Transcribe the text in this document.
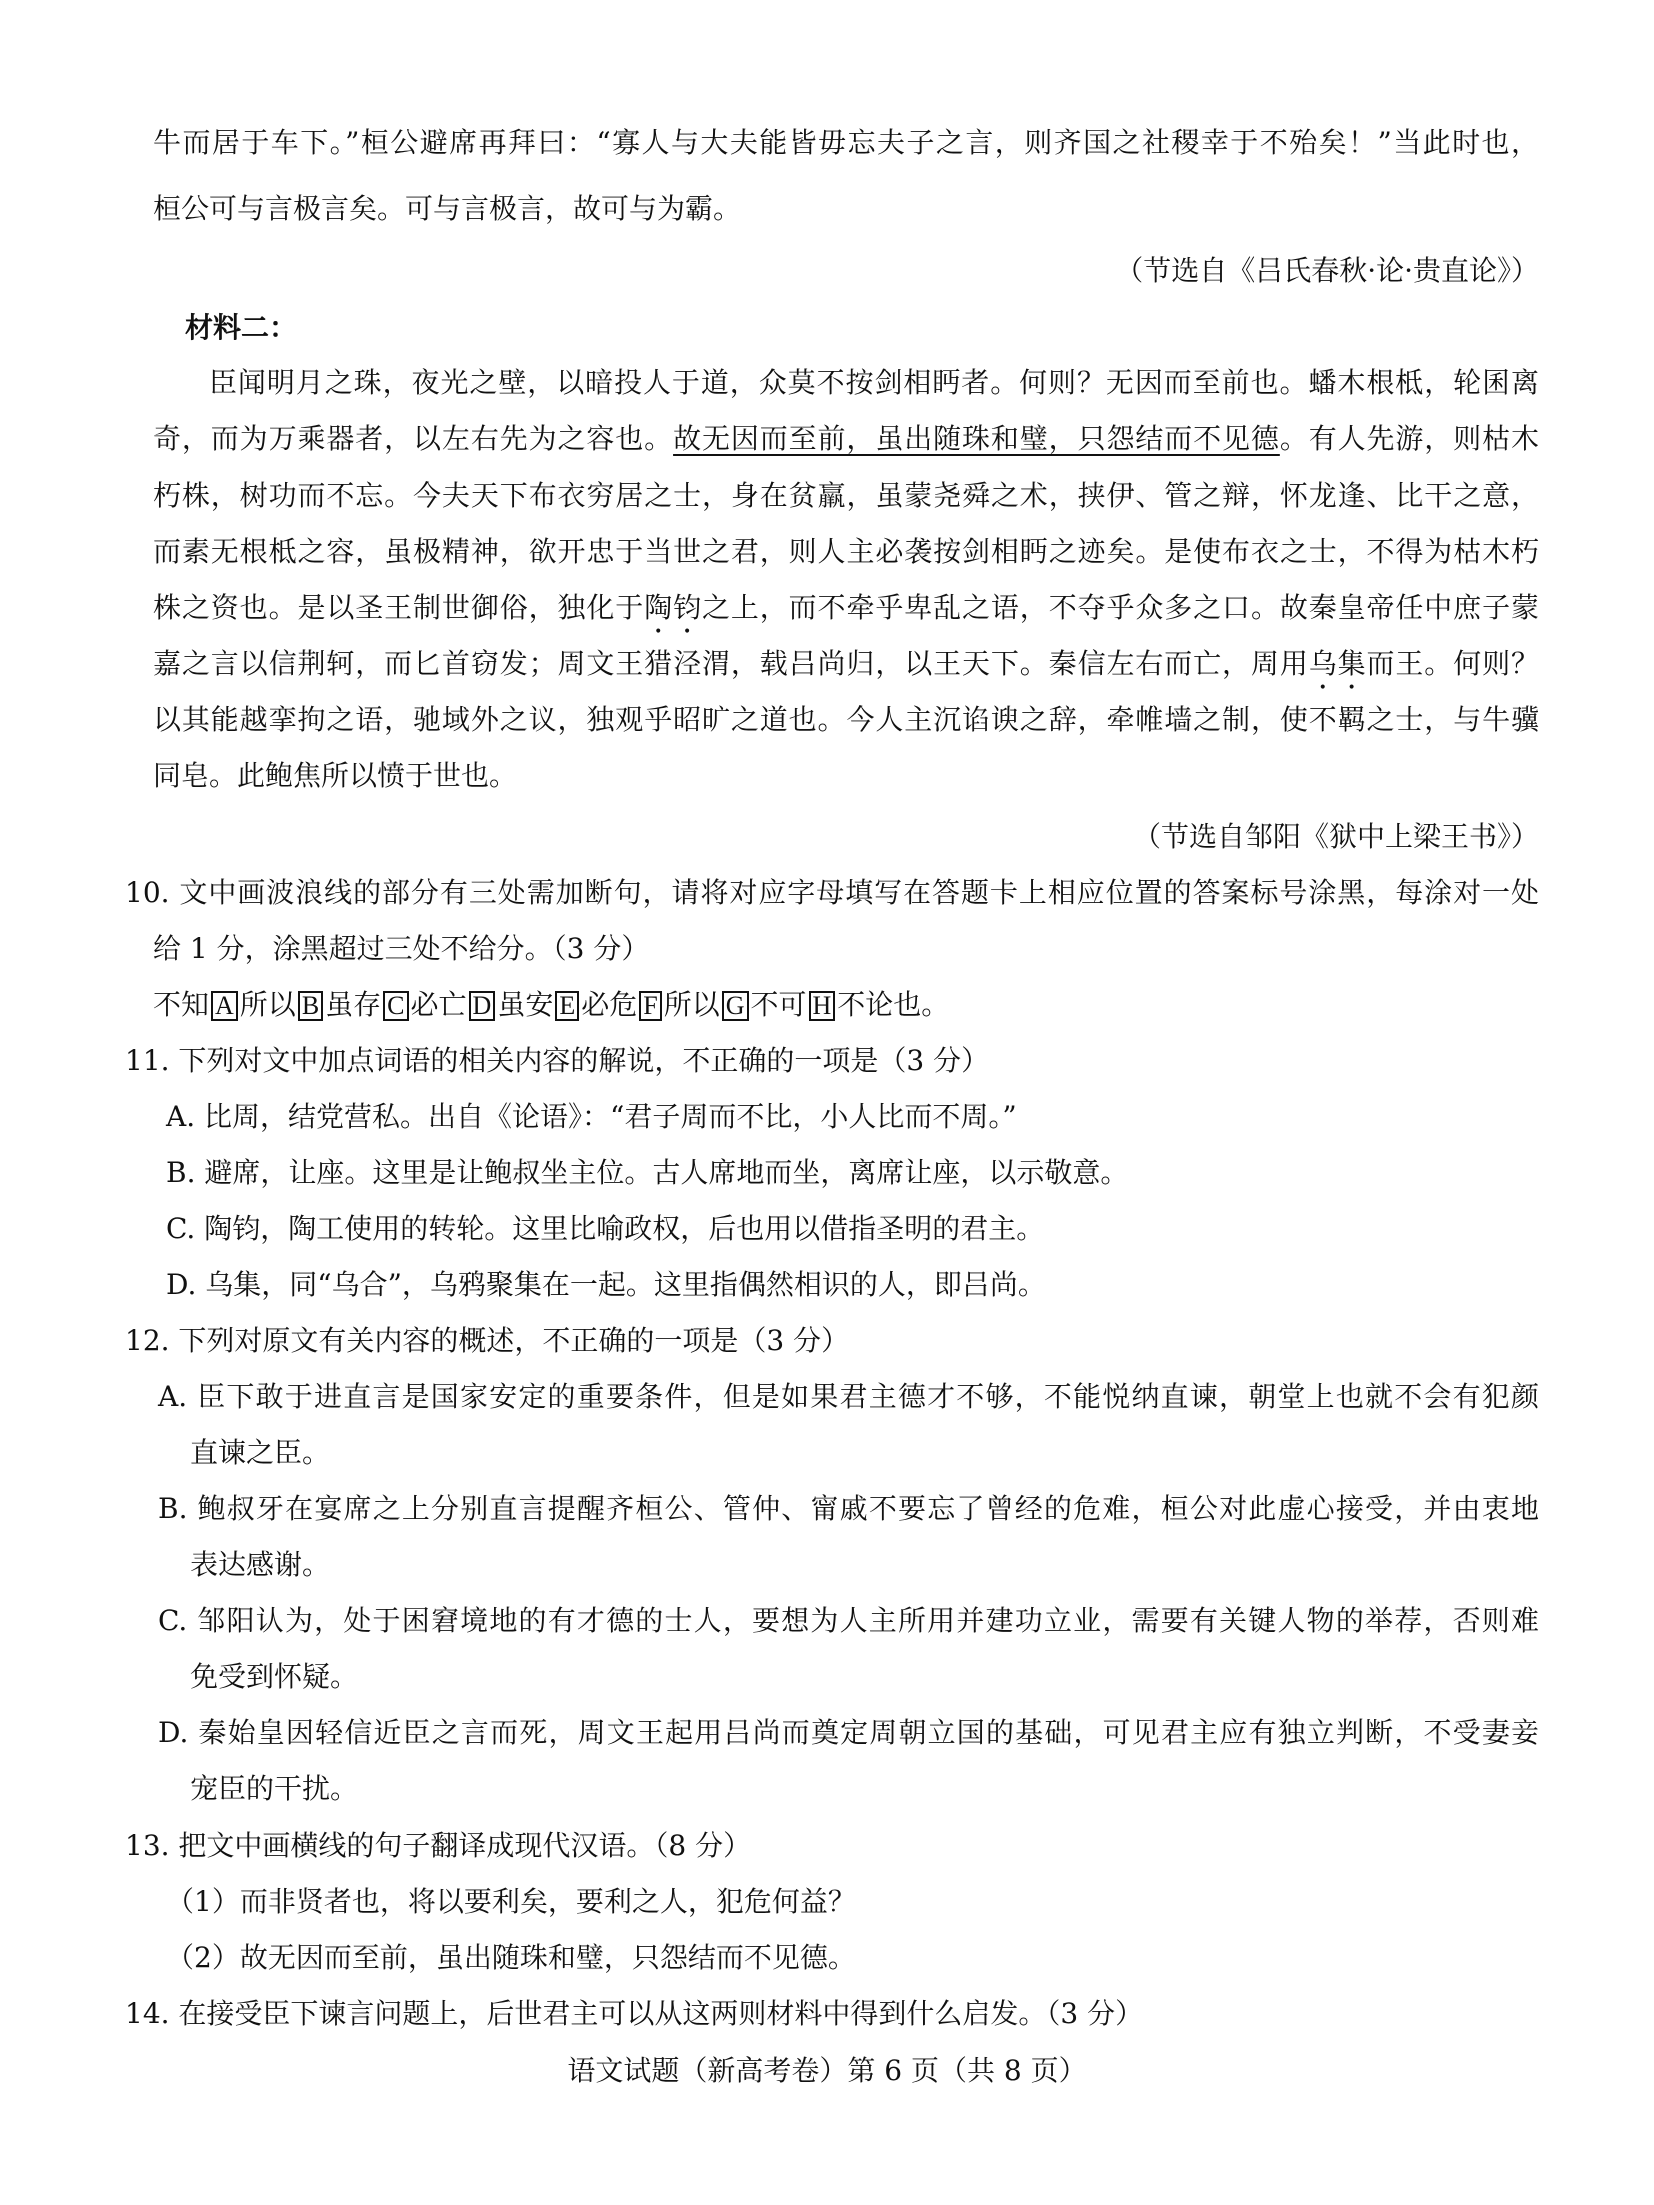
牛而居于车下。”桓公避席再拜曰：“寡人与大夫能皆毋忘夫子之言，则齐国之社稷幸于不殆矣！”当此时也，
桓公可与言极言矣。可与言极言，故可与为霸。
（节选自《吕氏春秋·论·贵直论》）
材料二：
臣闻明月之珠，夜光之壁，以暗投人于道，众莫不按剑相眄者。何则？无因而至前也。蟠木根柢，轮囷离
奇，而为万乘器者，以左右先为之容也。故无因而至前，虽出随珠和璧，只怨结而不见德。有人先游，则枯木
朽株，树功而不忘。今夫天下布衣穷居之士，身在贫羸，虽蒙尧舜之术，挟伊、管之辩，怀龙逢、比干之意，
而素无根柢之容，虽极精神，欲开忠于当世之君，则人主必袭按剑相眄之迹矣。是使布衣之士，不得为枯木朽
株之资也。是以圣王制世御俗，独化于陶钧之上，而不牵乎卑乱之语，不夺乎众多之口。故秦皇帝任中庶子蒙
嘉之言以信荆轲，而匕首窃发；周文王猎泾渭，载吕尚归，以王天下。秦信左右而亡，周用乌集而王。何则？
以其能越挛拘之语，驰域外之议，独观乎昭旷之道也。今人主沉谄谀之辞，牵帷墙之制，使不羁之士，与牛骥
同皂。此鲍焦所以愤于世也。
（节选自邹阳《狱中上梁王书》）
10. 文中画波浪线的部分有三处需加断句，请将对应字母填写在答题卡上相应位置的答案标号涂黑，每涂对一处
给 1 分，涂黑超过三处不给分。（3 分）
不知 A 所以 B 虽存 C 必亡 D 虽安 E 必危 F 所以 G 不可 H 不论也。
11. 下列对文中加点词语的相关内容的解说，不正确的一项是（3 分）
A. 比周，结党营私。出自《论语》：“君子周而不比，小人比而不周。”
B. 避席，让座。这里是让鲍叔坐主位。古人席地而坐，离席让座，以示敬意。
C. 陶钧，陶工使用的转轮。这里比喻政权，后也用以借指圣明的君主。
D. 乌集，同“乌合”，乌鸦聚集在一起。这里指偶然相识的人，即吕尚。
12. 下列对原文有关内容的概述，不正确的一项是（3 分）
A. 臣下敢于进直言是国家安定的重要条件，但是如果君主德才不够，不能悦纳直谏，朝堂上也就不会有犯颜
直谏之臣。
B. 鲍叔牙在宴席之上分别直言提醒齐桓公、管仲、甯戚不要忘了曾经的危难，桓公对此虚心接受，并由衷地
表达感谢。
C. 邹阳认为，处于困窘境地的有才德的士人，要想为人主所用并建功立业，需要有关键人物的举荐，否则难
免受到怀疑。
D. 秦始皇因轻信近臣之言而死，周文王起用吕尚而奠定周朝立国的基础，可见君主应有独立判断，不受妻妾
宠臣的干扰。
13. 把文中画横线的句子翻译成现代汉语。（8 分）
（1）而非贤者也，将以要利矣，要利之人，犯危何益？
（2）故无因而至前，虽出随珠和璧，只怨结而不见德。
14. 在接受臣下谏言问题上，后世君主可以从这两则材料中得到什么启发。（3 分）
语文试题（新高考卷）第 6 页（共 8 页）
